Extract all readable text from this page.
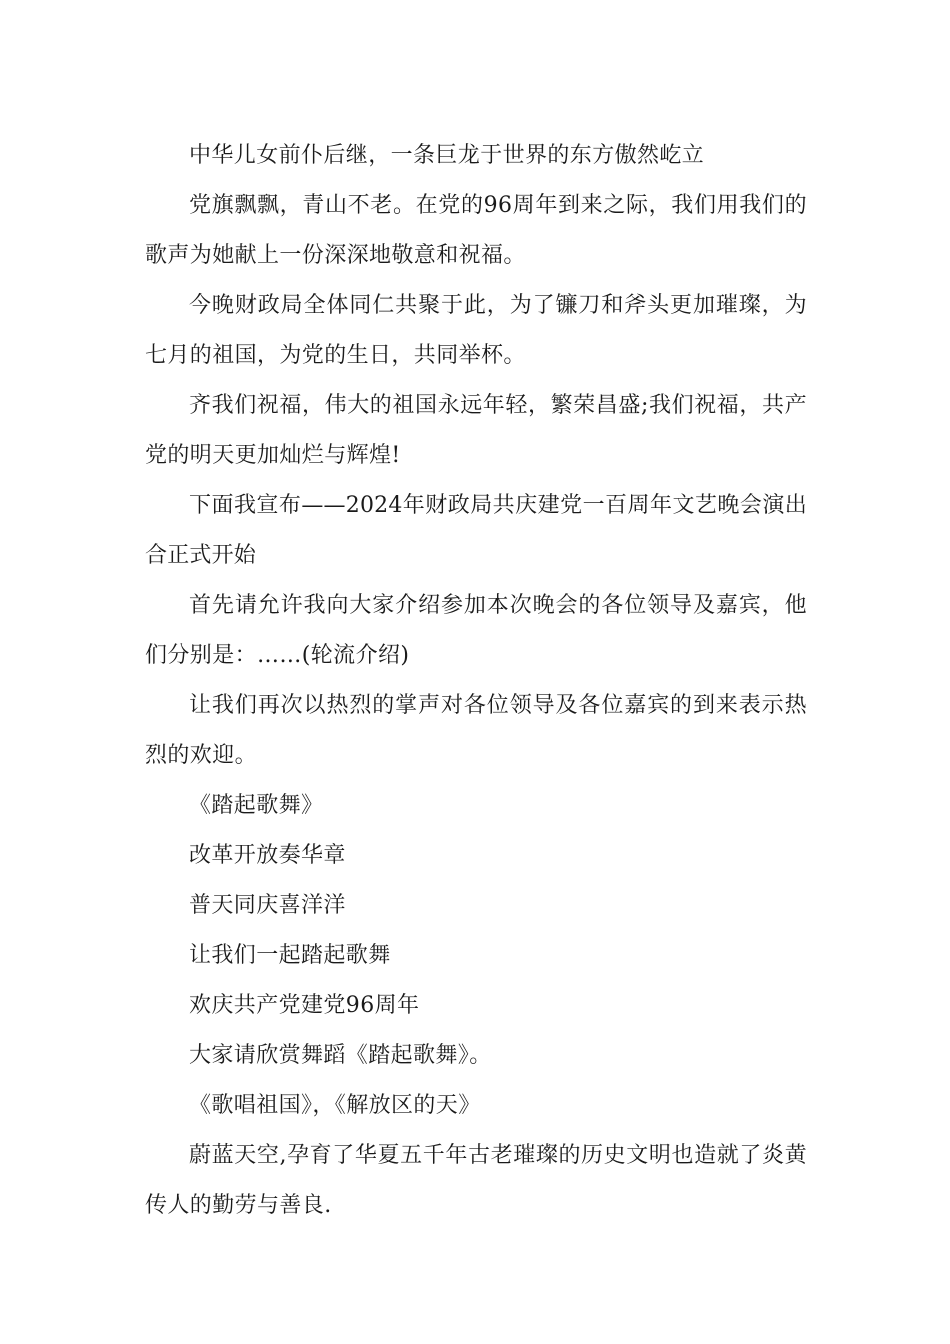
中华儿女前仆后继，一条巨龙于世界的东方傲然屹立

党旗飘飘，青山不老。在党的96周年到来之际，我们用我们的歌声为她献上一份深深地敬意和祝福。

今晚财政局全体同仁共聚于此，为了镰刀和斧头更加璀璨，为七月的祖国，为党的生日，共同举杯。

齐我们祝福，伟大的祖国永远年轻，繁荣昌盛;我们祝福，共产党的明天更加灿烂与辉煌!

下面我宣布——2024年财政局共庆建党一百周年文艺晚会演出合正式开始

首先请允许我向大家介绍参加本次晚会的各位领导及嘉宾，他们分别是：……(轮流介绍)

让我们再次以热烈的掌声对各位领导及各位嘉宾的到来表示热烈的欢迎。

《踏起歌舞》

改革开放奏华章

普天同庆喜洋洋

让我们一起踏起歌舞

欢庆共产党建党96周年

大家请欣赏舞蹈《踏起歌舞》。

《歌唱祖国》，《解放区的天》

蔚蓝天空,孕育了华夏五千年古老璀璨的历史文明也造就了炎黄传人的勤劳与善良.
